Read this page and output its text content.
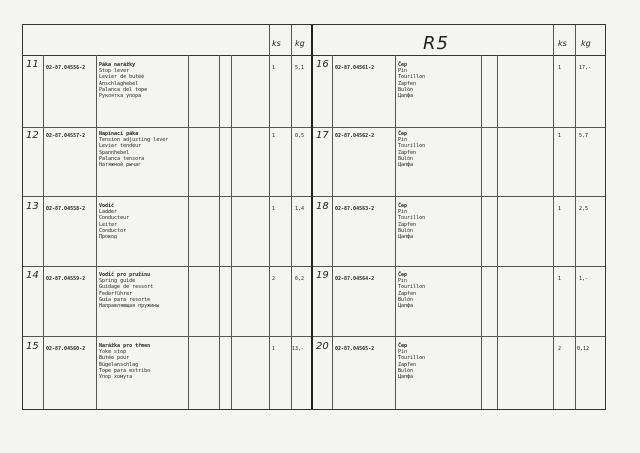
ks kg	R5	ks kg
11 02-87.04556-2	Páka narážky
Stop lever
Levier de butéé
Anschlaghebel
Palanca del tope
Рукоятка упора
1	5,1
12 02-87.04557-2	Napínací páka
Tension adjusting lever
Levier tendeur
Spannhebel
Palanca tensora
Натяжной рычаг
1	0,5
13 02-87.04558-2	Vodič
Ladder
Conducteur
Leiter
Conductor
Провод
1	1,4
14 02-87.04559-2
Vodič pro pružinu
Spring guide
Guidage de ressort
Federführer
Guía para resorte
Направляющая пружины
2	0,2
15 02-87.04560-2	Narážka pro třmen
Yoke stop
Butée pour
Bügelanschlag
Tope para estribo
Упор хомута
1	13,-
16 02-87.04561-2	Čep
Pin
Tourillon
Zapfen
Bulón
Цапфа
1	17,-
17 02-87.04562-2	Čep
Pin
Tourillon
Zapfen
Bulón
Цапфа
1	5,7
18 02-87.04563-2	Čep
Pin
Tourillon
Zapfen
Bulón
Цапфа
1	2,5
19 02-87.04564-2
Čep
Pin
Tourillon
Zapfen
Bulón
Цапфа
1	1,-
20 02-87.04565-2	Čep
Pin
Tourillon
Zapfen
Bulón
Цапфа
2	0,12
